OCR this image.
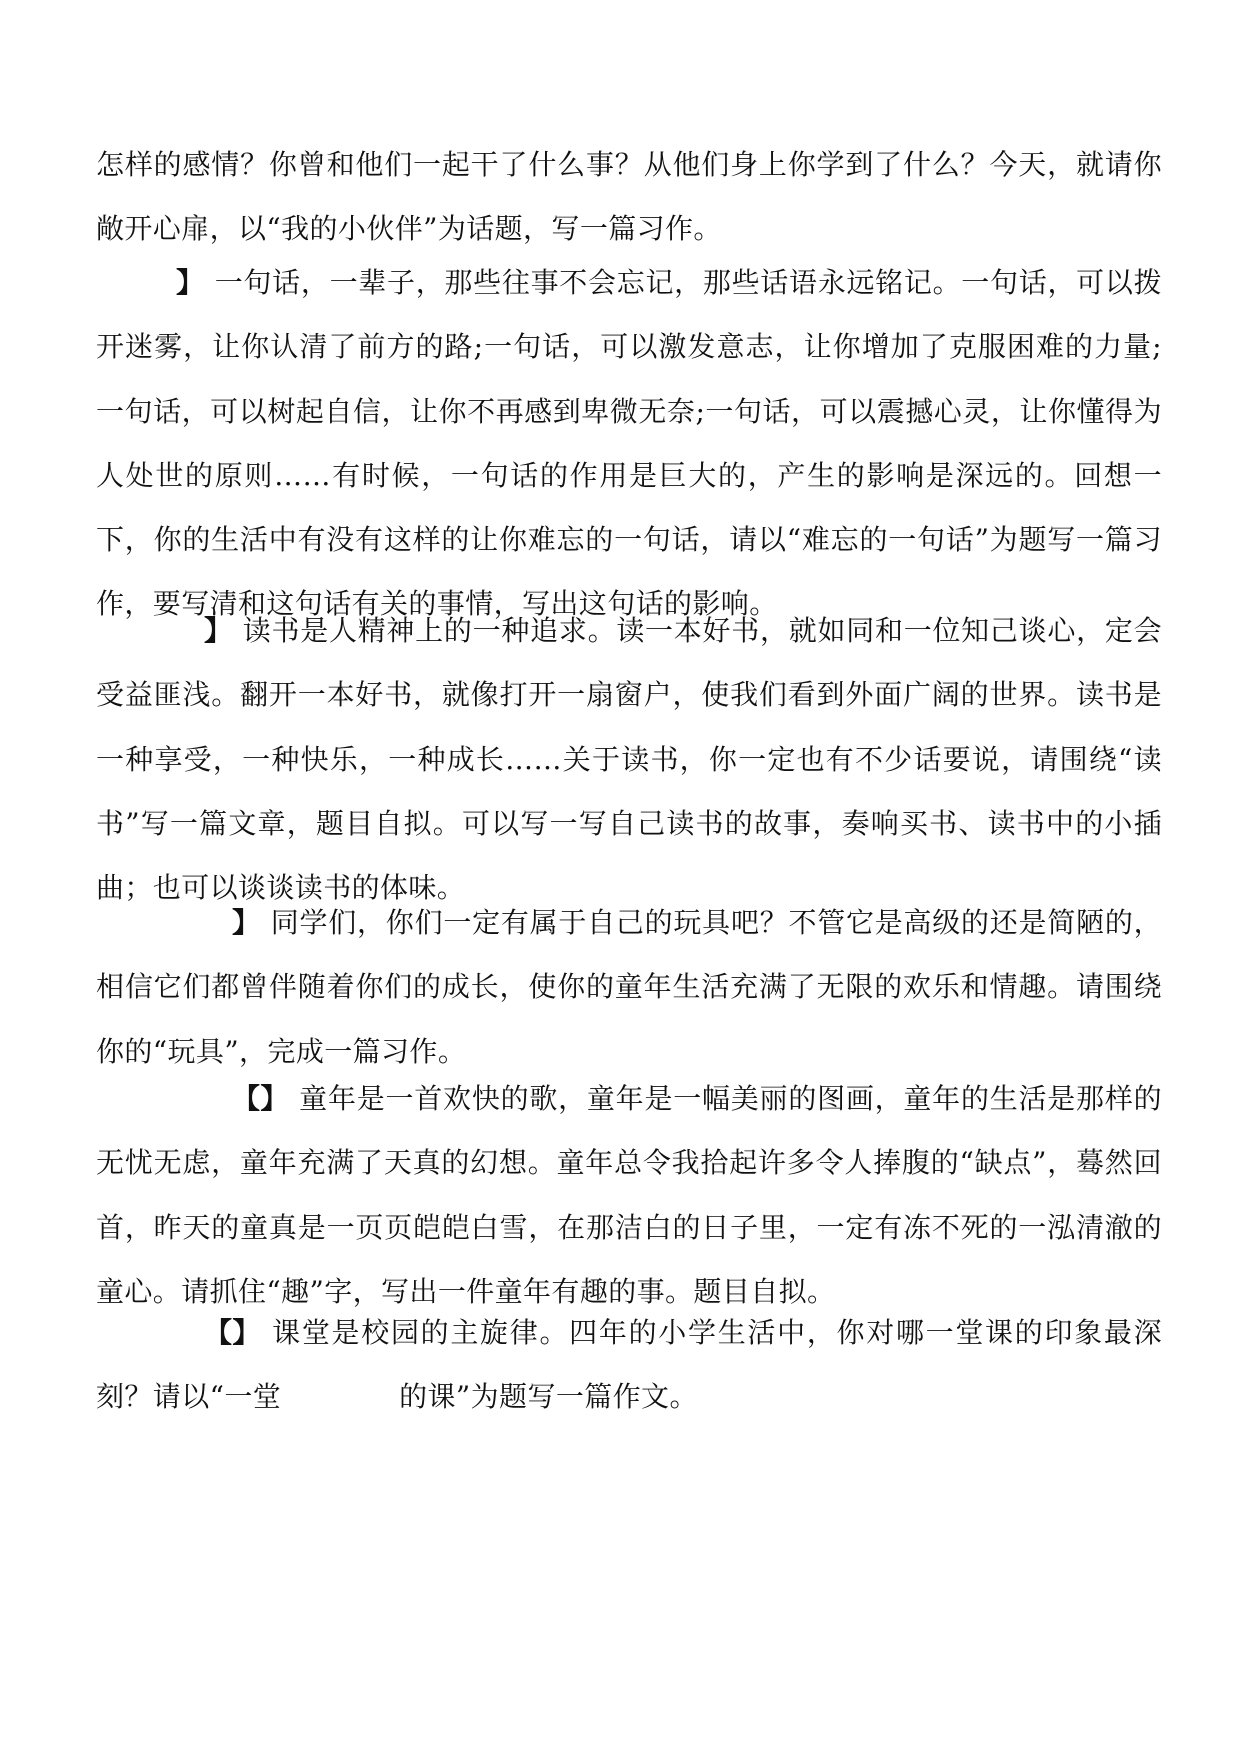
怎样的感情？你曾和他们一起干了什么事？从他们身上你学到了什么？今天，就请你敞开心扉，以“我的小伙伴”为话题，写一篇习作。

】 一句话，一辈子，那些往事不会忘记，那些话语永远铭记。一句话，可以拨开迷雾，让你认清了前方的路;一句话，可以激发意志，让你增加了克服困难的力量;一句话，可以树起自信，让你不再感到卑微无奈;一句话，可以震撼心灵，让你懂得为人处世的原则……有时候，一句话的作用是巨大的，产生的影响是深远的。回想一下，你的生活中有没有这样的让你难忘的一句话，请以“难忘的一句话”为题写一篇习作，要写清和这句话有关的事情，写出这句话的影响。

】 读书是人精神上的一种追求。读一本好书，就如同和一位知己谈心，定会受益匪浅。翻开一本好书，就像打开一扇窗户，使我们看到外面广阔的世界。读书是一种享受，一种快乐，一种成长……关于读书，你一定也有不少话要说，请围绕“读书”写一篇文章，题目自拟。可以写一写自己读书的故事，奏响买书、读书中的小插曲；也可以谈谈读书的体味。

】 同学们，你们一定有属于自己的玩具吧？不管它是高级的还是简陋的，相信它们都曾伴随着你们的成长，使你的童年生活充满了无限的欢乐和情趣。请围绕你的“玩具”，完成一篇习作。

【】 童年是一首欢快的歌，童年是一幅美丽的图画，童年的生活是那样的无忧无虑，童年充满了天真的幻想。童年总令我拾起许多令人捧腹的“缺点”，蓦然回首，昨天的童真是一页页皑皑白雪，在那洁白的日子里，一定有冻不死的一泓清澈的童心。请抓住“趣”字，写出一件童年有趣的事。题目自拟。

【】 课堂是校园的主旋律。四年的小学生活中，你对哪一堂课的印象最深刻？请以“一堂	的课”为题写一篇作文。
